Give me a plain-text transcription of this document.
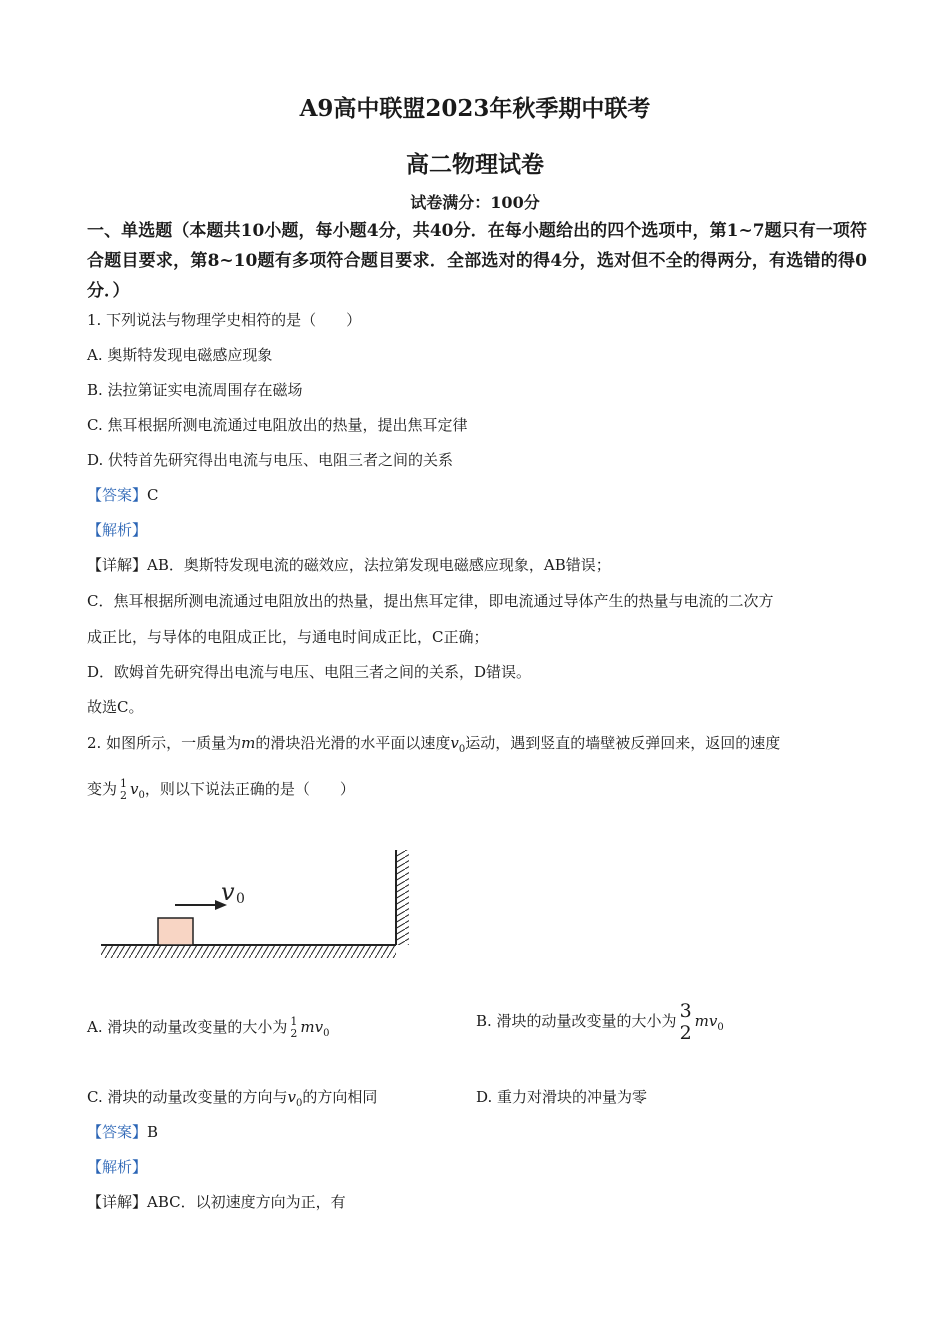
A9高中联盟2023年秋季期中联考
高二物理试卷
试卷满分：100分
一、单选题（本题共10小题，每小题4分，共40分．在每小题给出的四个选项中，第1~7题只有一项符合题目要求，第8~10题有多项符合题目要求．全部选对的得4分，选对但不全的得两分，有选错的得0分．）
1. 下列说法与物理学史相符的是（　　）
A. 奥斯特发现电磁感应现象
B. 法拉第证实电流周围存在磁场
C. 焦耳根据所测电流通过电阻放出的热量，提出焦耳定律
D. 伏特首先研究得出电流与电压、电阻三者之间的关系
【答案】C
【解析】
【详解】AB．奥斯特发现电流的磁效应，法拉第发现电磁感应现象，AB错误；
C．焦耳根据所测电流通过电阻放出的热量，提出焦耳定律，即电流通过导体产生的热量与电流的二次方
成正比，与导体的电阻成正比，与通电时间成正比，C正确；
D．欧姆首先研究得出电流与电压、电阻三者之间的关系，D错误。
故选C。
2. 如图所示，一质量为m的滑块沿光滑的水平面以速度$v_0$运动，遇到竖直的墙壁被反弹回来，返回的速度
变为 1
2 $v_0$，则以下说法正确的是（　　）
v 0
A. 滑块的动量改变量的大小为 1
2 $mv_0$
B. 滑块的动量改变量的大小为 3
2
$mv_0$
C. 滑块的动量改变量的方向与$v_0$的方向相同	D. 重力对滑块的冲量为零
【答案】B
【解析】
【详解】ABC．以初速度方向为正，有
